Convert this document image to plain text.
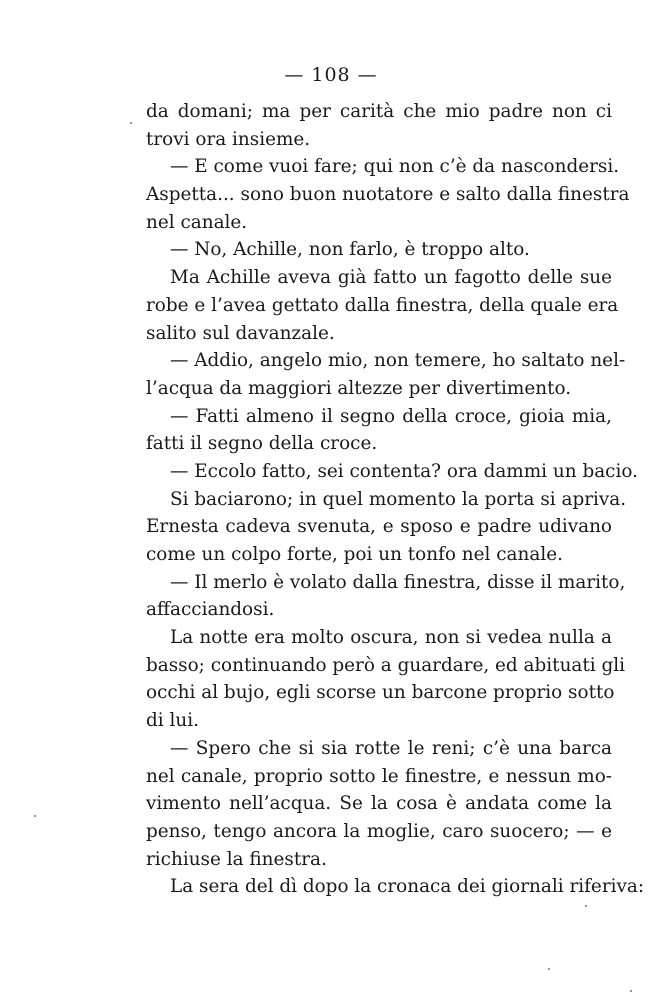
— 108 —
da domani; ma per carità che mio padre non ci
trovi ora insieme.
— E come vuoi fare; qui non c’è da nascondersi.
Aspetta... sono buon nuotatore e salto dalla finestra
nel canale.
— No, Achille, non farlo, è troppo alto.
Ma Achille aveva già fatto un fagotto delle sue
robe e l’avea gettato dalla finestra, della quale era
salito sul davanzale.
— Addio, angelo mio, non temere, ho saltato nel-
l’acqua da maggiori altezze per divertimento.
— Fatti almeno il segno della croce, gioia mia,
fatti il segno della croce.
— Eccolo fatto, sei contenta? ora dammi un bacio.
Si baciarono; in quel momento la porta si apriva.
Ernesta cadeva svenuta, e sposo e padre udivano
come un colpo forte, poi un tonfo nel canale.
— Il merlo è volato dalla finestra, disse il marito,
affacciandosi.
La notte era molto oscura, non si vedea nulla a
basso; continuando però a guardare, ed abituati gli
occhi al bujo, egli scorse un barcone proprio sotto
di lui.
— Spero che si sia rotte le reni; c’è una barca
nel canale, proprio sotto le finestre, e nessun mo-
vimento nell’acqua. Se la cosa è andata come la
penso, tengo ancora la moglie, caro suocero; — e
richiuse la finestra.
La sera del dì dopo la cronaca dei giornali riferiva:
